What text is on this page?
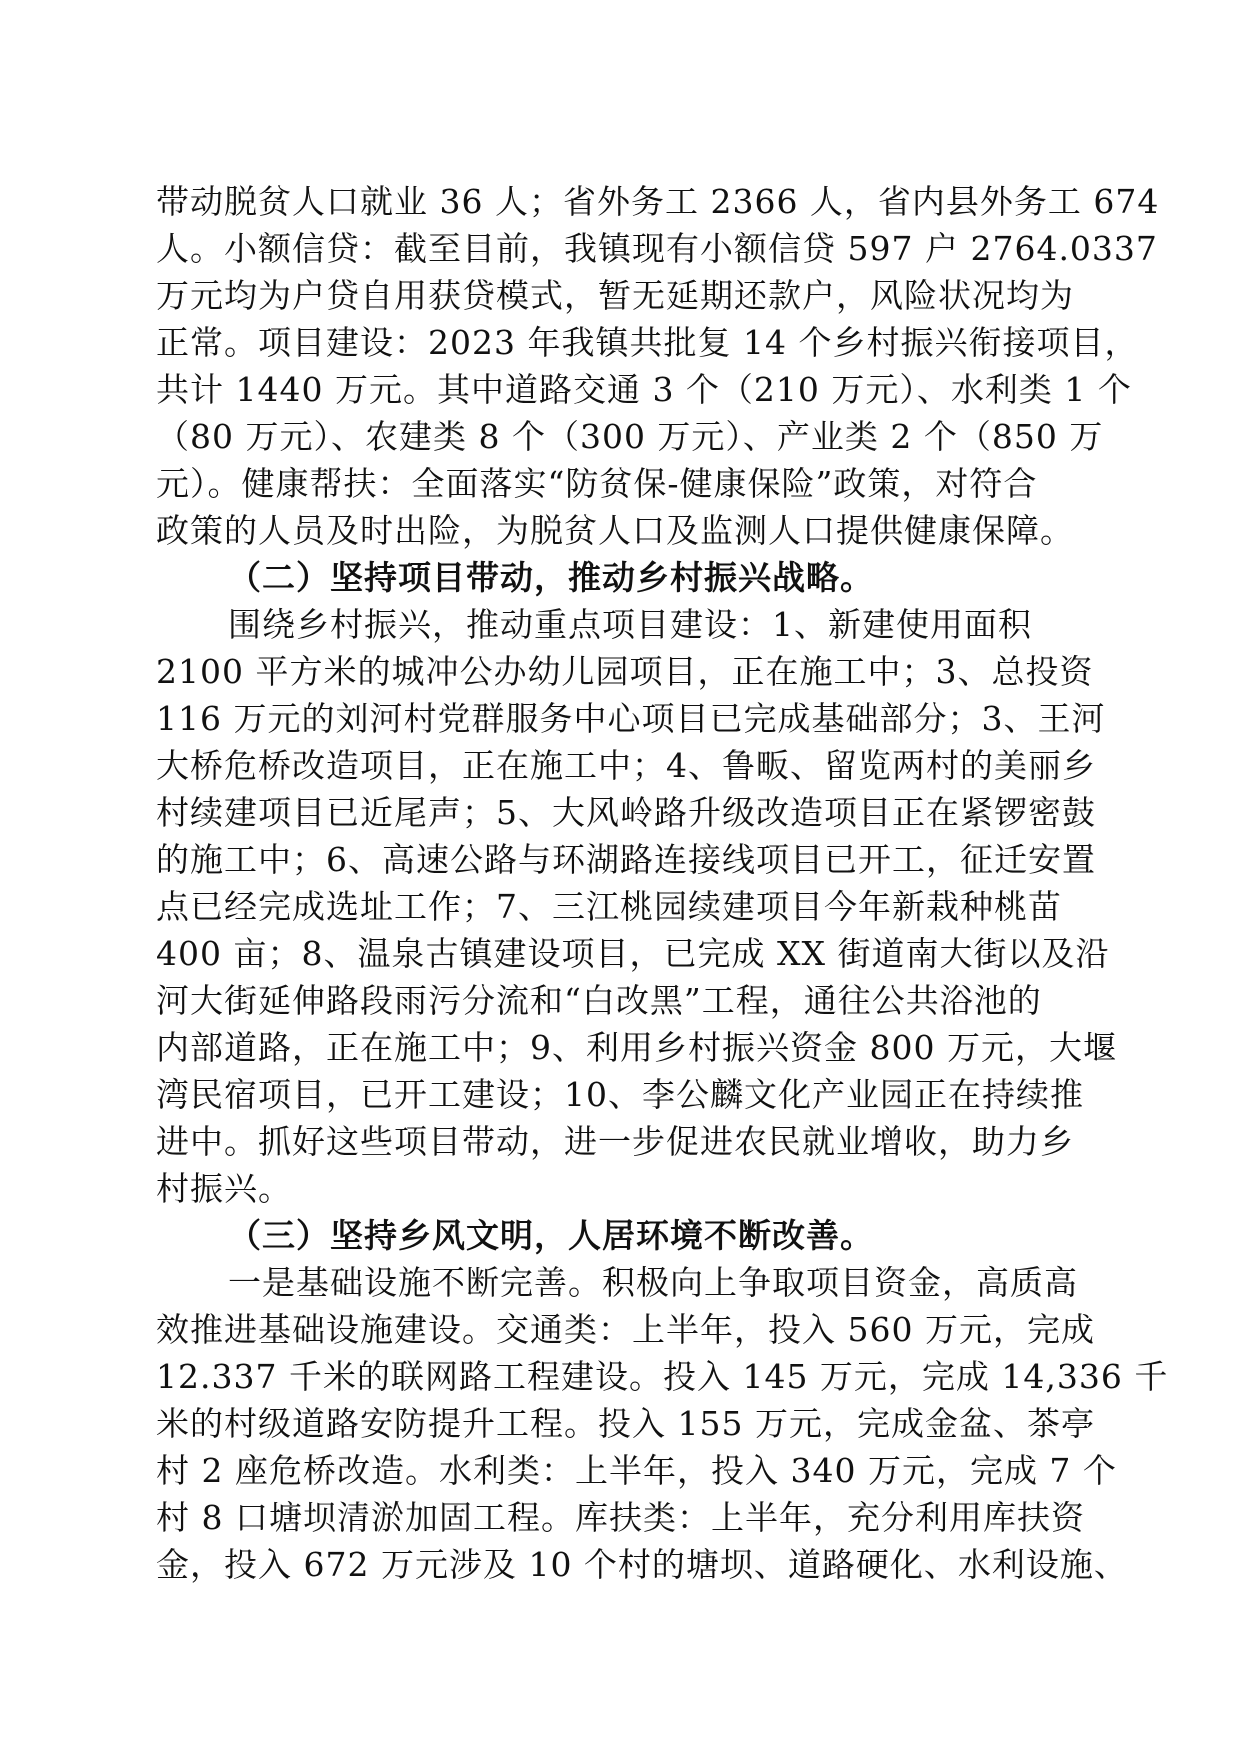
带动脱贫人口就业 36 人；省外务工 2366 人，省内县外务工 674
人。小额信贷：截至目前，我镇现有小额信贷 597 户 2764.0337
万元均为户贷自用获贷模式，暂无延期还款户，风险状况均为
正常。项目建设：2023 年我镇共批复 14 个乡村振兴衔接项目，
共计 1440 万元。其中道路交通 3 个（210 万元）、水利类 1 个
（80 万元）、农建类 8 个（300 万元）、产业类 2 个（850 万
元）。健康帮扶：全面落实“防贫保-健康保险”政策，对符合
政策的人员及时出险，为脱贫人口及监测人口提供健康保障。
（二）坚持项目带动，推动乡村振兴战略。
围绕乡村振兴，推动重点项目建设：1、新建使用面积
2100 平方米的城冲公办幼儿园项目，正在施工中；3、总投资
116 万元的刘河村党群服务中心项目已完成基础部分；3、王河
大桥危桥改造项目，正在施工中；4、鲁畈、留览两村的美丽乡
村续建项目已近尾声；5、大风岭路升级改造项目正在紧锣密鼓
的施工中；6、高速公路与环湖路连接线项目已开工，征迁安置
点已经完成选址工作；7、三江桃园续建项目今年新栽种桃苗
400 亩；8、温泉古镇建设项目，已完成 XX 街道南大街以及沿
河大街延伸路段雨污分流和“白改黑”工程，通往公共浴池的
内部道路，正在施工中；9、利用乡村振兴资金 800 万元，大堰
湾民宿项目，已开工建设；10、李公麟文化产业园正在持续推
进中。抓好这些项目带动，进一步促进农民就业增收，助力乡
村振兴。
（三）坚持乡风文明，人居环境不断改善。
一是基础设施不断完善。积极向上争取项目资金，高质高
效推进基础设施建设。交通类：上半年，投入 560 万元，完成
12.337 千米的联网路工程建设。投入 145 万元，完成 14,336 千
米的村级道路安防提升工程。投入 155 万元，完成金盆、茶亭
村 2 座危桥改造。水利类：上半年，投入 340 万元，完成 7 个
村 8 口塘坝清淤加固工程。库扶类：上半年，充分利用库扶资
金，投入 672 万元涉及 10 个村的塘坝、道路硬化、水利设施、
